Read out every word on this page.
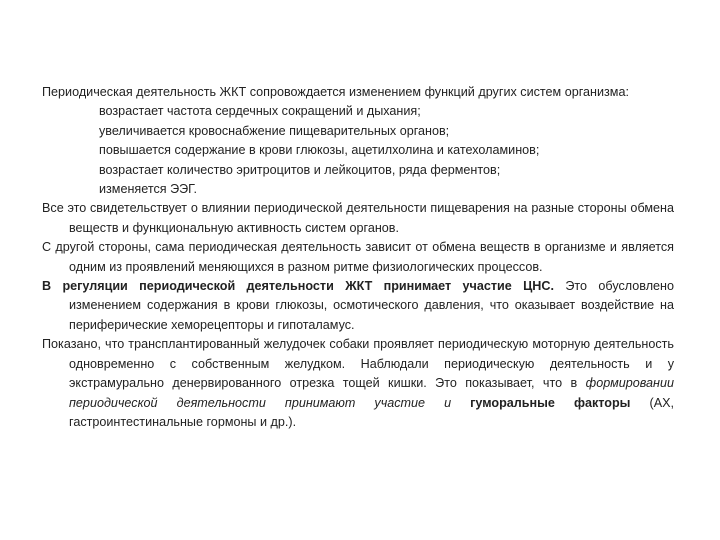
Периодическая деятельность ЖКТ сопровождается изменением функций других систем организма:

возрастает частота сердечных сокращений и дыхания;

увеличивается кровоснабжение пищеварительных органов;

повышается содержание в крови глюкозы, ацетилхолина и катехоламинов;

возрастает количество эритроцитов и лейкоцитов, ряда ферментов;

изменяется ЭЭГ.

Все это свидетельствует о влиянии периодической деятельности пищеварения на разные стороны обмена веществ и функциональную активность систем органов.

С другой стороны, сама периодическая деятельность зависит от обмена веществ в организме и является одним из проявлений меняющихся в разном ритме физиологических процессов.

В регуляции периодической деятельности ЖКТ принимает участие ЦНС. Это обусловлено изменением содержания в крови глюкозы, осмотического давления, что оказывает воздействие на периферические хеморецепторы и гипоталамус.

Показано, что трансплантированный желудочек собаки проявляет периодическую моторную деятельность одновременно с собственным желудком. Наблюдали периодическую деятельность и у экстрамурально денервированного отрезка тощей кишки. Это показывает, что в формировании периодической деятельности принимают участие и гуморальные факторы (АХ, гастроинтестинальные гормоны и др.).
